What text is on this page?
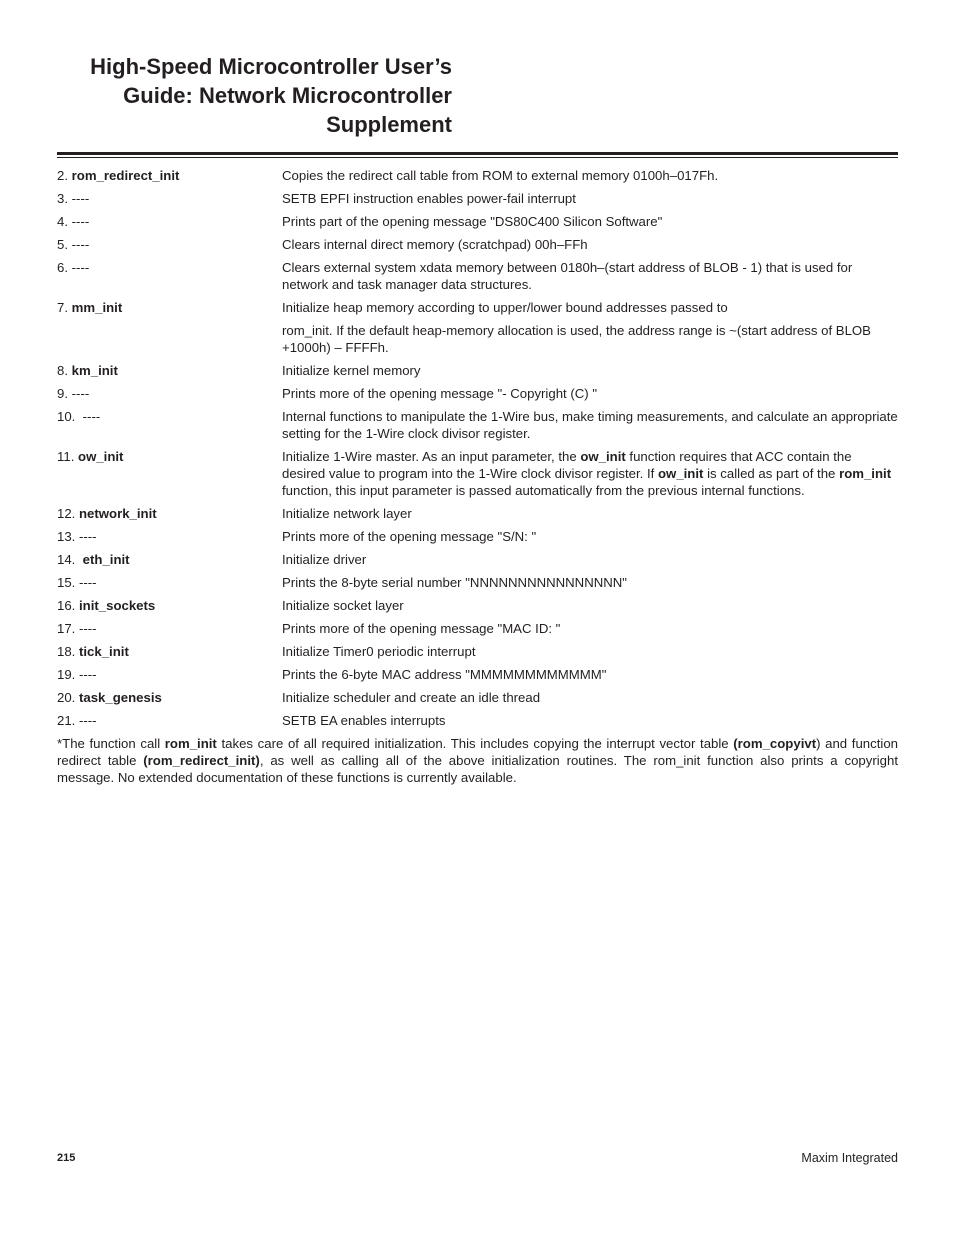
High-Speed Microcontroller User’s
Guide: Network Microcontroller
Supplement
2. rom_redirect_init	Copies the redirect call table from ROM to external memory 0100h–017Fh.
3. ----	SETB EPFI instruction enables power-fail interrupt
4. ----	Prints part of the opening message "DS80C400 Silicon Software"
5. ----	Clears internal direct memory (scratchpad) 00h–FFh
6. ----	Clears external system xdata memory between 0180h–(start address of BLOB - 1) that is used for network and task manager data structures.
7. mm_init	Initialize heap memory according to upper/lower bound addresses passed to
rom_init. If the default heap-memory allocation is used, the address range is ~(start address of BLOB +1000h) – FFFFh.
8. km_init	Initialize kernel memory
9. ----	Prints more of the opening message "- Copyright (C) "
10.  ----	Internal functions to manipulate the 1-Wire bus, make timing measurements, and calculate an appropriate setting for the 1-Wire clock divisor register.
11. ow_init	Initialize 1-Wire master. As an input parameter, the ow_init function requires that ACC contain the desired value to program into the 1-Wire clock divisor register. If ow_init is called as part of the rom_init function, this input parameter is passed automatically from the previous internal functions.
12. network_init	Initialize network layer
13. ----	Prints more of the opening message "S/N: "
14.  eth_init	Initialize driver
15. ----	Prints the 8-byte serial number "NNNNNNNNNNNNNNNN"
16. init_sockets	Initialize socket layer
17. ----	Prints more of the opening message "MAC ID: "
18. tick_init	Initialize Timer0 periodic interrupt
19. ----	Prints the 6-byte MAC address "MMMMMMMMMMMM"
20. task_genesis	Initialize scheduler and create an idle thread
21. ----	SETB EA enables interrupts

*The function call rom_init takes care of all required initialization. This includes copying the interrupt vector table (rom_copyivt) and function redirect table (rom_redirect_init), as well as calling all of the above initialization routines. The rom_init function also prints a copyright message. No extended documentation of these functions is currently available.

215	Maxim Integrated
